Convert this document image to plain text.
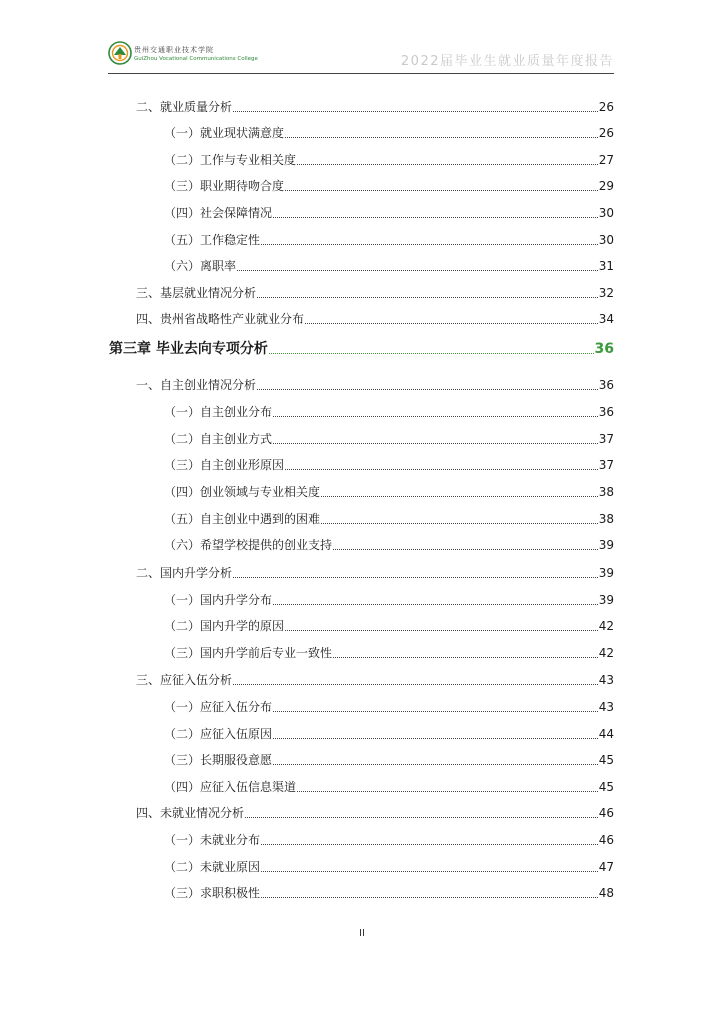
贵州交通职业技术学院
GuiZhou Vocational Communications College	2022届毕业生就业质量年度报告
二、就业质量分析	26
（一）就业现状满意度	26
（二）工作与专业相关度	27
（三）职业期待吻合度	29
（四）社会保障情况	30
（五）工作稳定性	30
（六）离职率	31
三、基层就业情况分析	32
四、贵州省战略性产业就业分布	34
第三章 毕业去向专项分析	36
一、自主创业情况分析	36
（一）自主创业分布	36
（二）自主创业方式	37
（三）自主创业形原因	37
（四）创业领域与专业相关度	38
（五）自主创业中遇到的困难	38
（六）希望学校提供的创业支持	39
二、国内升学分析	39
（一）国内升学分布	39
（二）国内升学的原因	42
（三）国内升学前后专业一致性	42
三、应征入伍分析	43
（一）应征入伍分布	43
（二）应征入伍原因	44
（三）长期服役意愿	45
（四）应征入伍信息渠道	45
四、未就业情况分析	46
（一）未就业分布	46
（二）未就业原因	47
（三）求职积极性	48
II
